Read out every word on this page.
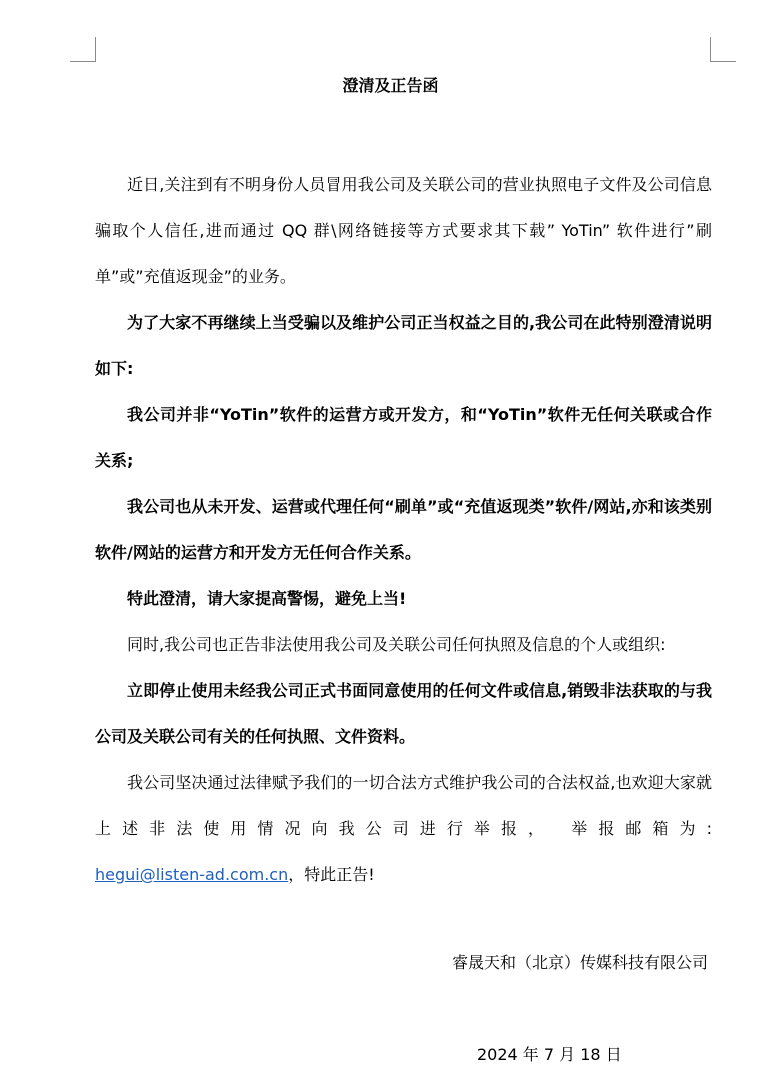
澄清及正告函

近日,关注到有不明身份人员冒用我公司及关联公司的营业执照电子文件及公司信息骗取个人信任,进而通过 QQ 群\网络链接等方式要求其下载” YoTin” 软件进行”刷单”或”充值返现金”的业务。

为了大家不再继续上当受骗以及维护公司正当权益之目的,我公司在此特别澄清说明如下:

我公司并非“YoTin”软件的运营方或开发方，和“YoTin”软件无任何关联或合作关系;

我公司也从未开发、运营或代理任何“刷单”或“充值返现类”软件/网站,亦和该类别软件/网站的运营方和开发方无任何合作关系。

特此澄清，请大家提高警惕，避免上当!

同时,我公司也正告非法使用我公司及关联公司任何执照及信息的个人或组织:

立即停止使用未经我公司正式书面同意使用的任何文件或信息,销毁非法获取的与我公司及关联公司有关的任何执照、文件资料。

我公司坚决通过法律赋予我们的一切合法方式维护我公司的合法权益,也欢迎大家就上述非法使用情况向我公司进行举报， 举报邮箱为:

hegui@listen-ad.com.cn，特此正告!

睿晟天和（北京）传媒科技有限公司
2024 年 7 月 18 日
